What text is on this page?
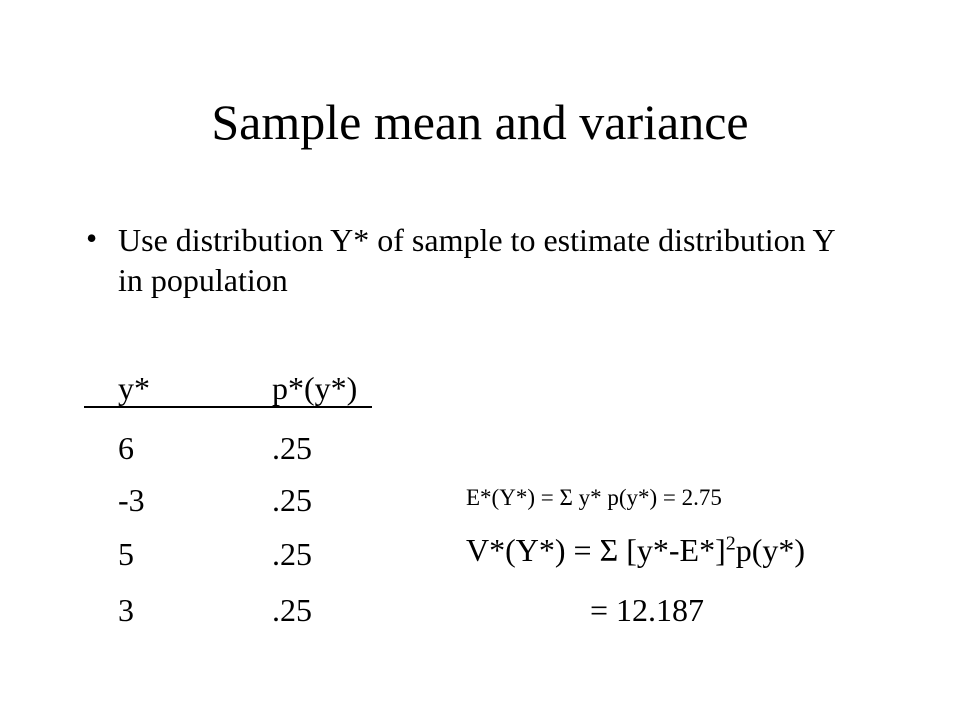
Sample mean and variance
• Use distribution Y* of sample to estimate distribution Y in population
y*	p*(y*)
6	.25
-3	.25
5	.25
3	.25
E*(Y*) = Σ y* p(y*) = 2.75
V*(Y*) = Σ $[y*-E*]^2p(y*)$
= 12.187
